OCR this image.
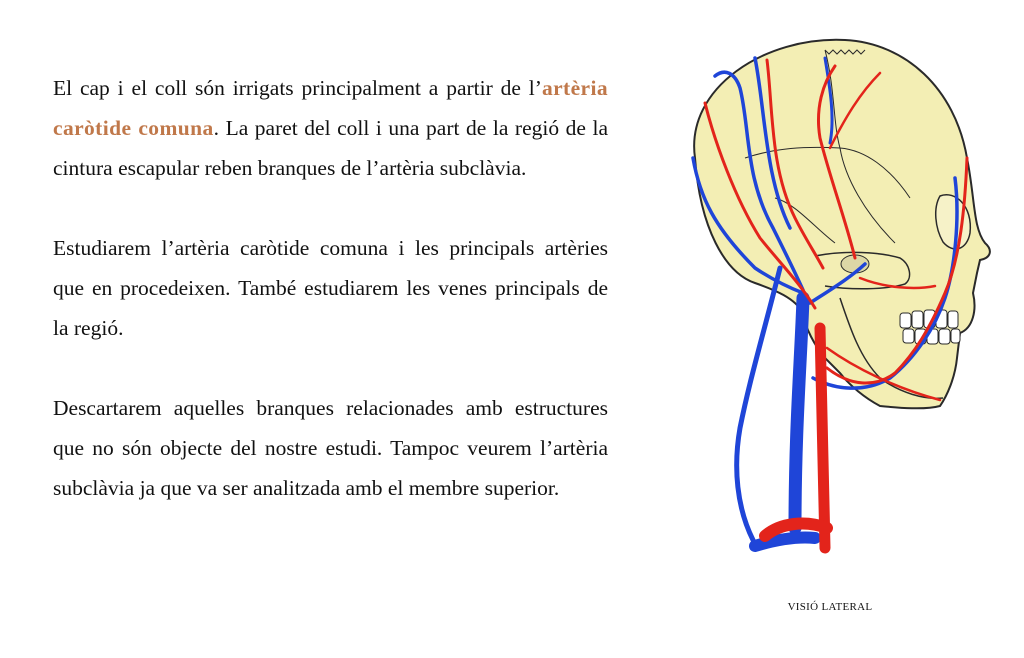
El cap i el coll són irrigats principalment a partir de l’artèria caròtide comuna. La paret del coll i una part de la regió de la cintura escapular reben branques de l’artèria subclàvia.

Estudiarem l’artèria caròtide comuna i les principals artèries que en procedeixen. També estudiarem les venes principals de la regió.

Descartarem aquelles branques relacionades amb estructures que no són objecte del nostre estudi. Tampoc veurem l’artèria subclàvia ja que va ser analitzada amb el membre superior.

VISIÓ LATERAL
